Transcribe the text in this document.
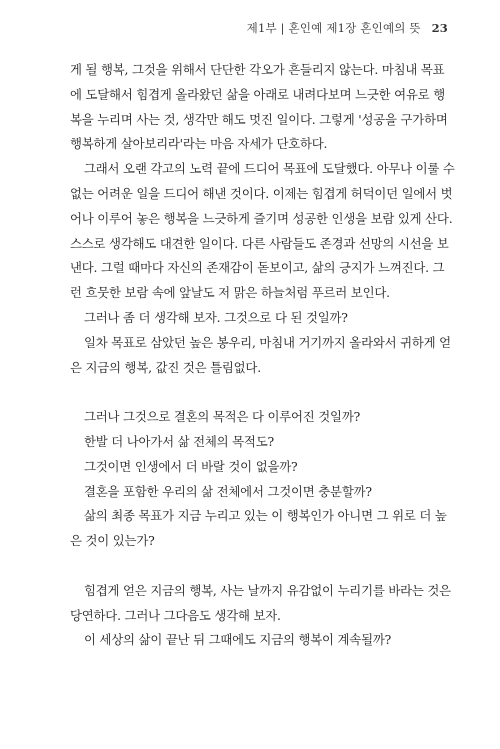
제1부 | 혼인예 제1장 혼인예의 뜻 23

게 될 행복, 그것을 위해서 단단한 각오가 흔들리지 않는다. 마침내 목표

에 도달해서 힘겹게 올라왔던 삶을 아래로 내려다보며 느긋한 여유로 행

복을 누리며 사는 것, 생각만 해도 멋진 일이다. 그렇게 '성공을 구가하며

행복하게 살아보리라'라는 마음 자세가 단호하다.

그래서 오랜 각고의 노력 끝에 드디어 목표에 도달했다. 아무나 이룰 수

없는 어려운 일을 드디어 해낸 것이다. 이제는 힘겹게 허덕이던 일에서 벗

어나 이루어 놓은 행복을 느긋하게 즐기며 성공한 인생을 보람 있게 산다.

스스로 생각해도 대견한 일이다. 다른 사람들도 존경과 선망의 시선을 보

낸다. 그럴 때마다 자신의 존재감이 돋보이고, 삶의 긍지가 느껴진다. 그

런 흐뭇한 보람 속에 앞날도 저 맑은 하늘처럼 푸르러 보인다.

그러나 좀 더 생각해 보자. 그것으로 다 된 것일까?

일차 목표로 삼았던 높은 봉우리, 마침내 거기까지 올라와서 귀하게 얻

은 지금의 행복, 값진 것은 틀림없다.

그러나 그것으로 결혼의 목적은 다 이루어진 것일까?

한발 더 나아가서 삶 전체의 목적도?

그것이면 인생에서 더 바랄 것이 없을까?

결혼을 포함한 우리의 삶 전체에서 그것이면 충분할까?

삶의 최종 목표가 지금 누리고 있는 이 행복인가 아니면 그 위로 더 높

은 것이 있는가?

힘겹게 얻은 지금의 행복, 사는 날까지 유감없이 누리기를 바라는 것은

당연하다. 그러나 그다음도 생각해 보자.

이 세상의 삶이 끝난 뒤 그때에도 지금의 행복이 계속될까?
